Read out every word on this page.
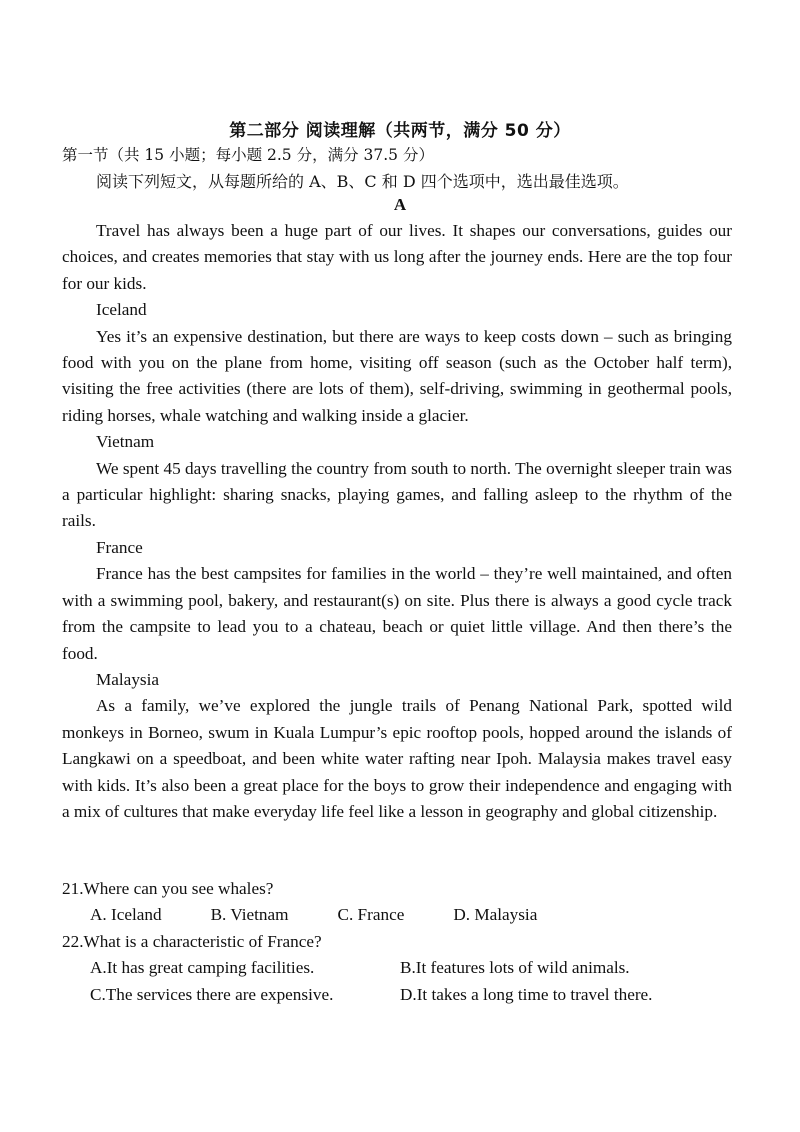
第二部分 阅读理解（共两节，满分 50 分）
第一节（共 15 小题；每小题 2.5 分，满分 37.5 分）
阅读下列短文，从每题所给的 A、B、C 和 D 四个选项中，选出最佳选项。
A

Travel has always been a huge part of our lives. It shapes our conversations, guides our choices, and creates memories that stay with us long after the journey ends. Here are the top four for our kids.

Iceland

Yes it’s an expensive destination, but there are ways to keep costs down – such as bringing food with you on the plane from home, visiting off season (such as the October half term), visiting the free activities (there are lots of them), self-driving, swimming in geothermal pools, riding horses, whale watching and walking inside a glacier.

Vietnam

We spent 45 days travelling the country from south to north. The overnight sleeper train was a particular highlight: sharing snacks, playing games, and falling asleep to the rhythm of the rails.

France

France has the best campsites for families in the world – they’re well maintained, and often with a swimming pool, bakery, and restaurant(s) on site. Plus there is always a good cycle track from the campsite to lead you to a chateau, beach or quiet little village. And then there’s the food.

Malaysia

As a family, we’ve explored the jungle trails of Penang National Park, spotted wild monkeys in Borneo, swum in Kuala Lumpur’s epic rooftop pools, hopped around the islands of Langkawi on a speedboat, and been white water rafting near Ipoh. Malaysia makes travel easy with kids. It’s also been a great place for the boys to grow their independence and engaging with a mix of cultures that make everyday life feel like a lesson in geography and global citizenship.

21.Where can you see whales?
A. Iceland	B. Vietnam	C. France	D. Malaysia
22.What is a characteristic of France?
A.It has great camping facilities.	B.It features lots of wild animals.
C.The services there are expensive.	D.It takes a long time to travel there.
